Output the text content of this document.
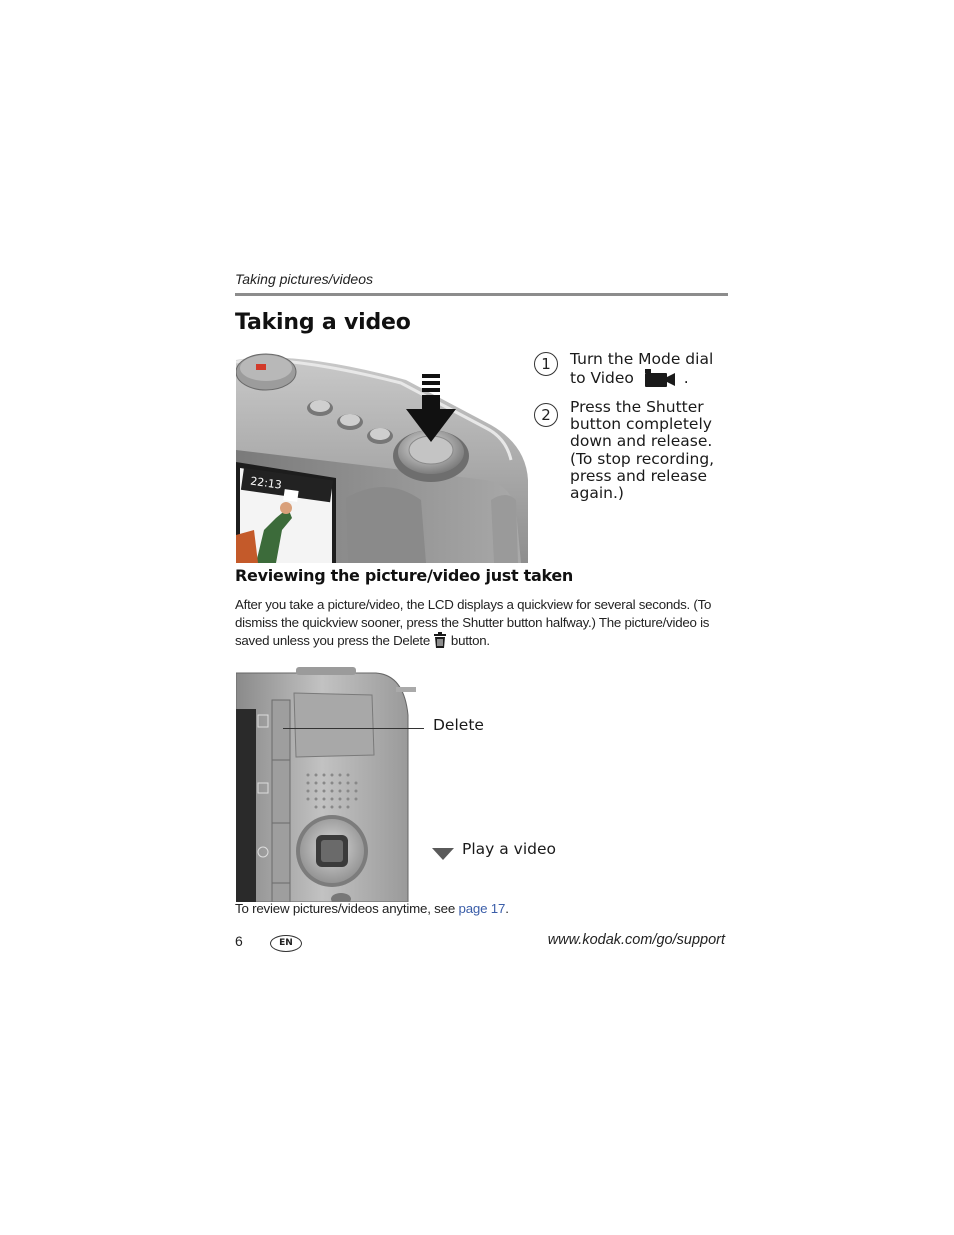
Taking pictures/videos
Taking a video
22:13
1	Turn the Mode dial to Video	.
2	Press the Shutter button completely down and release. (To stop recording, press and release again.)
Reviewing the picture/video just taken
After you take a picture/video, the LCD displays a quickview for several seconds. (To dismiss the quickview sooner, press the Shutter button halfway.) The picture/video is saved unless you press the Delete button.
Delete
Play a video
To review pictures/videos anytime, see page 17.
6	EN	www.kodak.com/go/support
